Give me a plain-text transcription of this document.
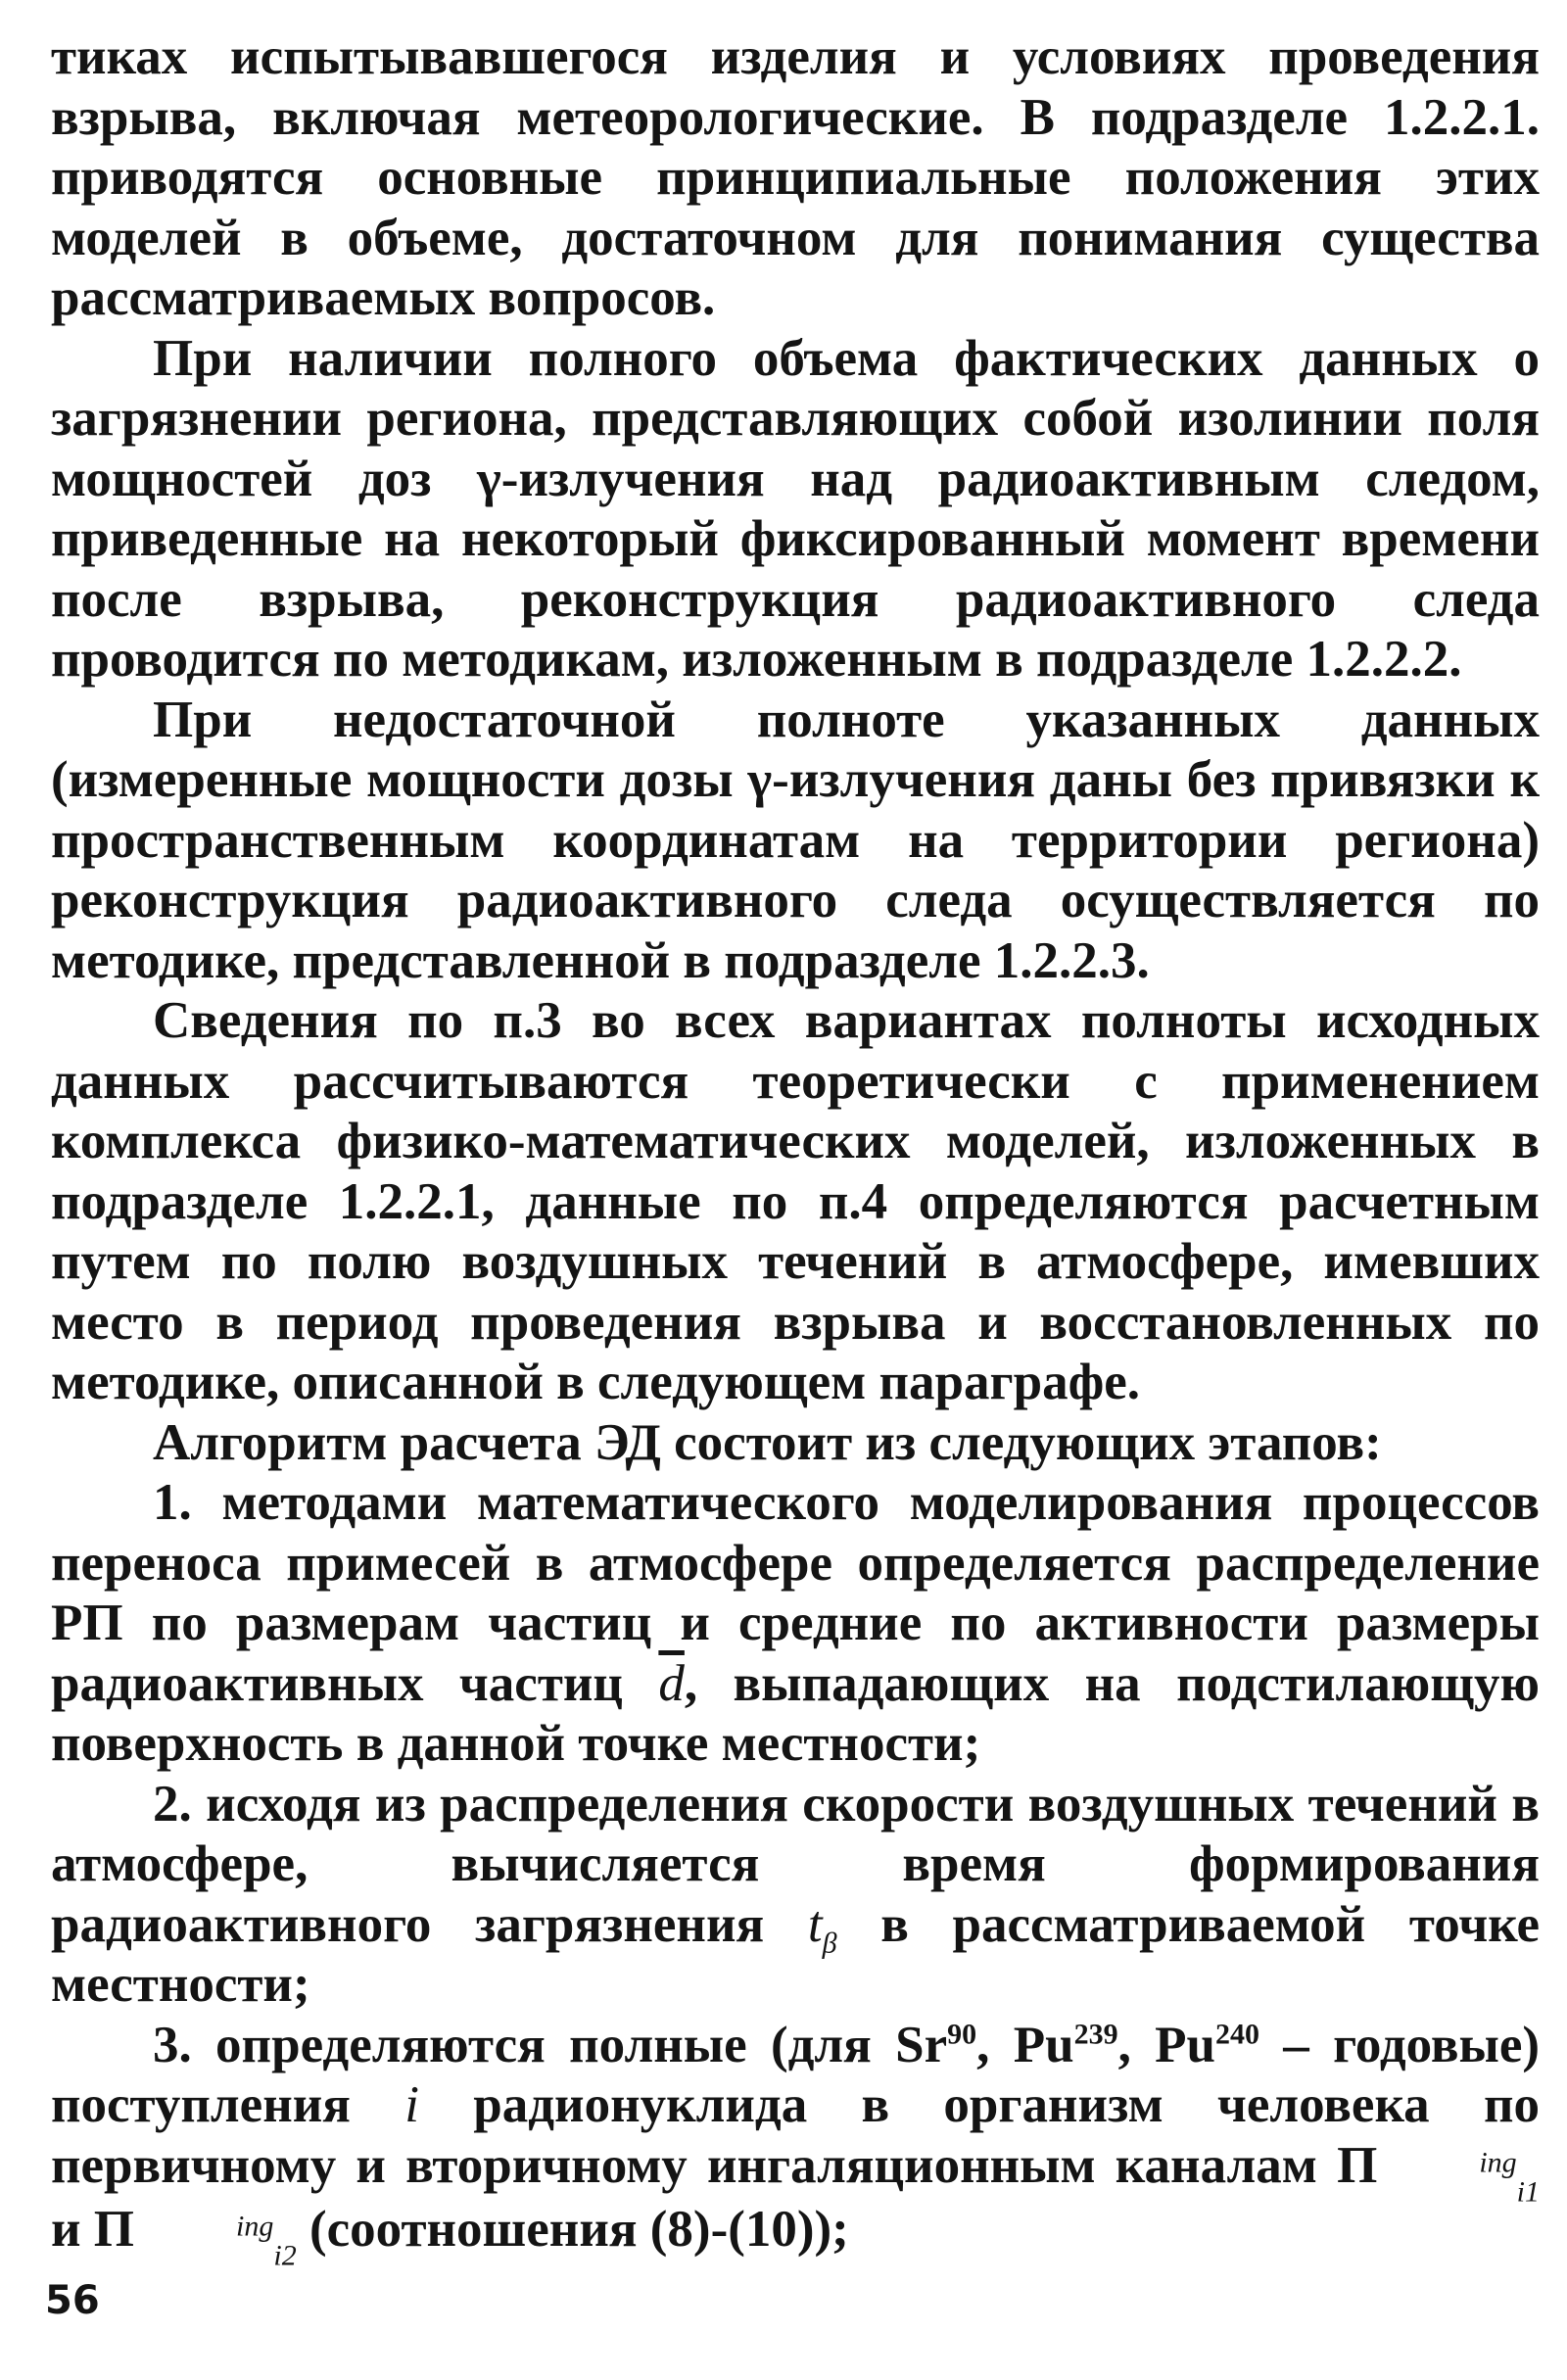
тиках испытывавшегося изделия и условиях проведения взрыва, включая метеорологические. В подразделе 1.2.2.1. приводятся основные принципиальные положения этих моделей в объеме, достаточном для понимания существа рассматриваемых вопросов.

При наличии полного объема фактических данных о загрязнении региона, представляющих собой изолинии поля мощностей доз γ-излучения над радиоактивным следом, приведенные на некоторый фиксированный момент времени после взрыва, реконструкция радиоактивного следа проводится по методикам, изложенным в подразделе 1.2.2.2.

При недостаточной полноте указанных данных (измеренные мощности дозы γ-излучения даны без привязки к пространственным координатам на территории региона) реконструкция радиоактивного следа осуществляется по методике, представленной в подразделе 1.2.2.3.

Сведения по п.3 во всех вариантах полноты исходных данных рассчитываются теоретически с применением комплекса физико-математических моделей, изложенных в подразделе 1.2.2.1, данные по п.4 определяются расчетным путем по полю воздушных течений в атмосфере, имевших место в период проведения взрыва и восстановленных по методике, описанной в следующем параграфе.

Алгоритм расчета ЭД состоит из следующих этапов:

1. методами математического моделирования процессов переноса примесей в атмосфере определяется распределение РП по размерам частиц и средние по активности размеры радиоактивных частиц $\overline{d}$, выпадающих на подстилающую поверхность в данной точке местности;

2. исходя из распределения скорости воздушных течений в атмосфере, вычисляется время формирования радиоактивного загрязнения $t_\beta$ в рассматриваемой точке местности;

3. определяются полные (для Sr$^{90}$, Pu$^{239}$, Pu$^{240}$ – годовые) поступления i радионуклида в организм человека по первичному и вторичному ингаляционным каналам П	$^{ing}_{i1}$ и П	$^{ing}_{i2}$ (соотношения (8)-(10));

56
